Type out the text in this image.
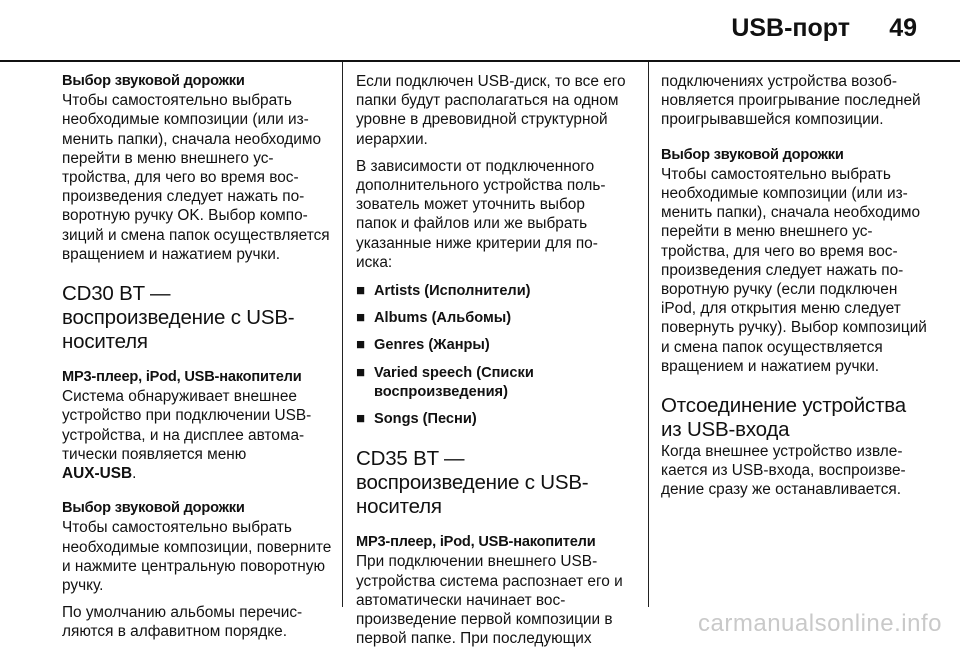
USB-порт 49

Выбор звуковой дорожки

Чтобы самостоятельно выбрать необходимые композиции (или изменить папки), сначала необходимо перейти в меню внешнего устройства, для чего во время воспроизведения следует нажать поворотную ручку OK. Выбор композиций и смена папок осуществляется вращением и нажатием ручки.

CD30 BT — воспроизведение с USB-носителя

MP3-плеер, iPod, USB-накопители

Система обнаруживает внешнее устройство при подключении USB-устройства, и на дисплее автоматически появляется меню
AUX-USB.

Выбор звуковой дорожки

Чтобы самостоятельно выбрать необходимые композиции, поверните и нажмите центральную поворотную ручку.

По умолчанию альбомы перечисляются в алфавитном порядке.

Если подключен USB-диск, то все его папки будут располагаться на одном уровне в древовидной структурной иерархии.

В зависимости от подключенного дополнительного устройства пользователь может уточнить выбор папок и файлов или же выбрать указанные ниже критерии для поиска:

■ Artists (Исполнители)
■ Albums (Альбомы)
■ Genres (Жанры)
■ Varied speech (Списки воспроизведения)
■ Songs (Песни)
CD35 BT — воспроизведение с USB-носителя

MP3-плеер, iPod, USB-накопители

При подключении внешнего USB-устройства система распознает его и автоматически начинает воспроизведение первой композиции в первой папке. При последующих

подключениях устройства возобновляется проигрывание последней проигрывавшейся композиции.

Выбор звуковой дорожки

Чтобы самостоятельно выбрать необходимые композиции (или изменить папки), сначала необходимо перейти в меню внешнего устройства, для чего во время воспроизведения следует нажать поворотную ручку (если подключен iPod, для открытия меню следует повернуть ручку). Выбор композиций и смена папок осуществляется вращением и нажатием ручки.

Отсоединение устройства из USB-входа

Когда внешнее устройство извлекается из USB-входа, воспроизведение сразу же останавливается.

carmanualsonline.info
